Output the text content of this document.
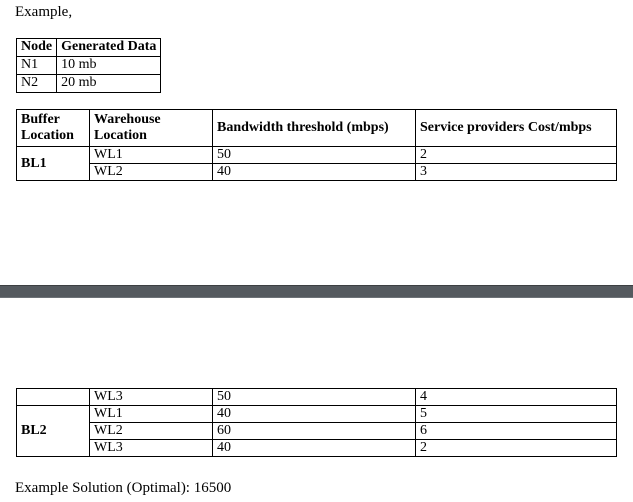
Example,
Node	Generated Data
N1	10 mb
N2	20 mb
Buffer Location	Warehouse Location	Bandwidth threshold (mbps)	Service providers Cost/mbps
BL1	WL1	50	2
	WL2	40	3
	WL3	50	4
BL2	WL1	40	5
	WL2	60	6
	WL3	40	2
Example Solution (Optimal): 16500
